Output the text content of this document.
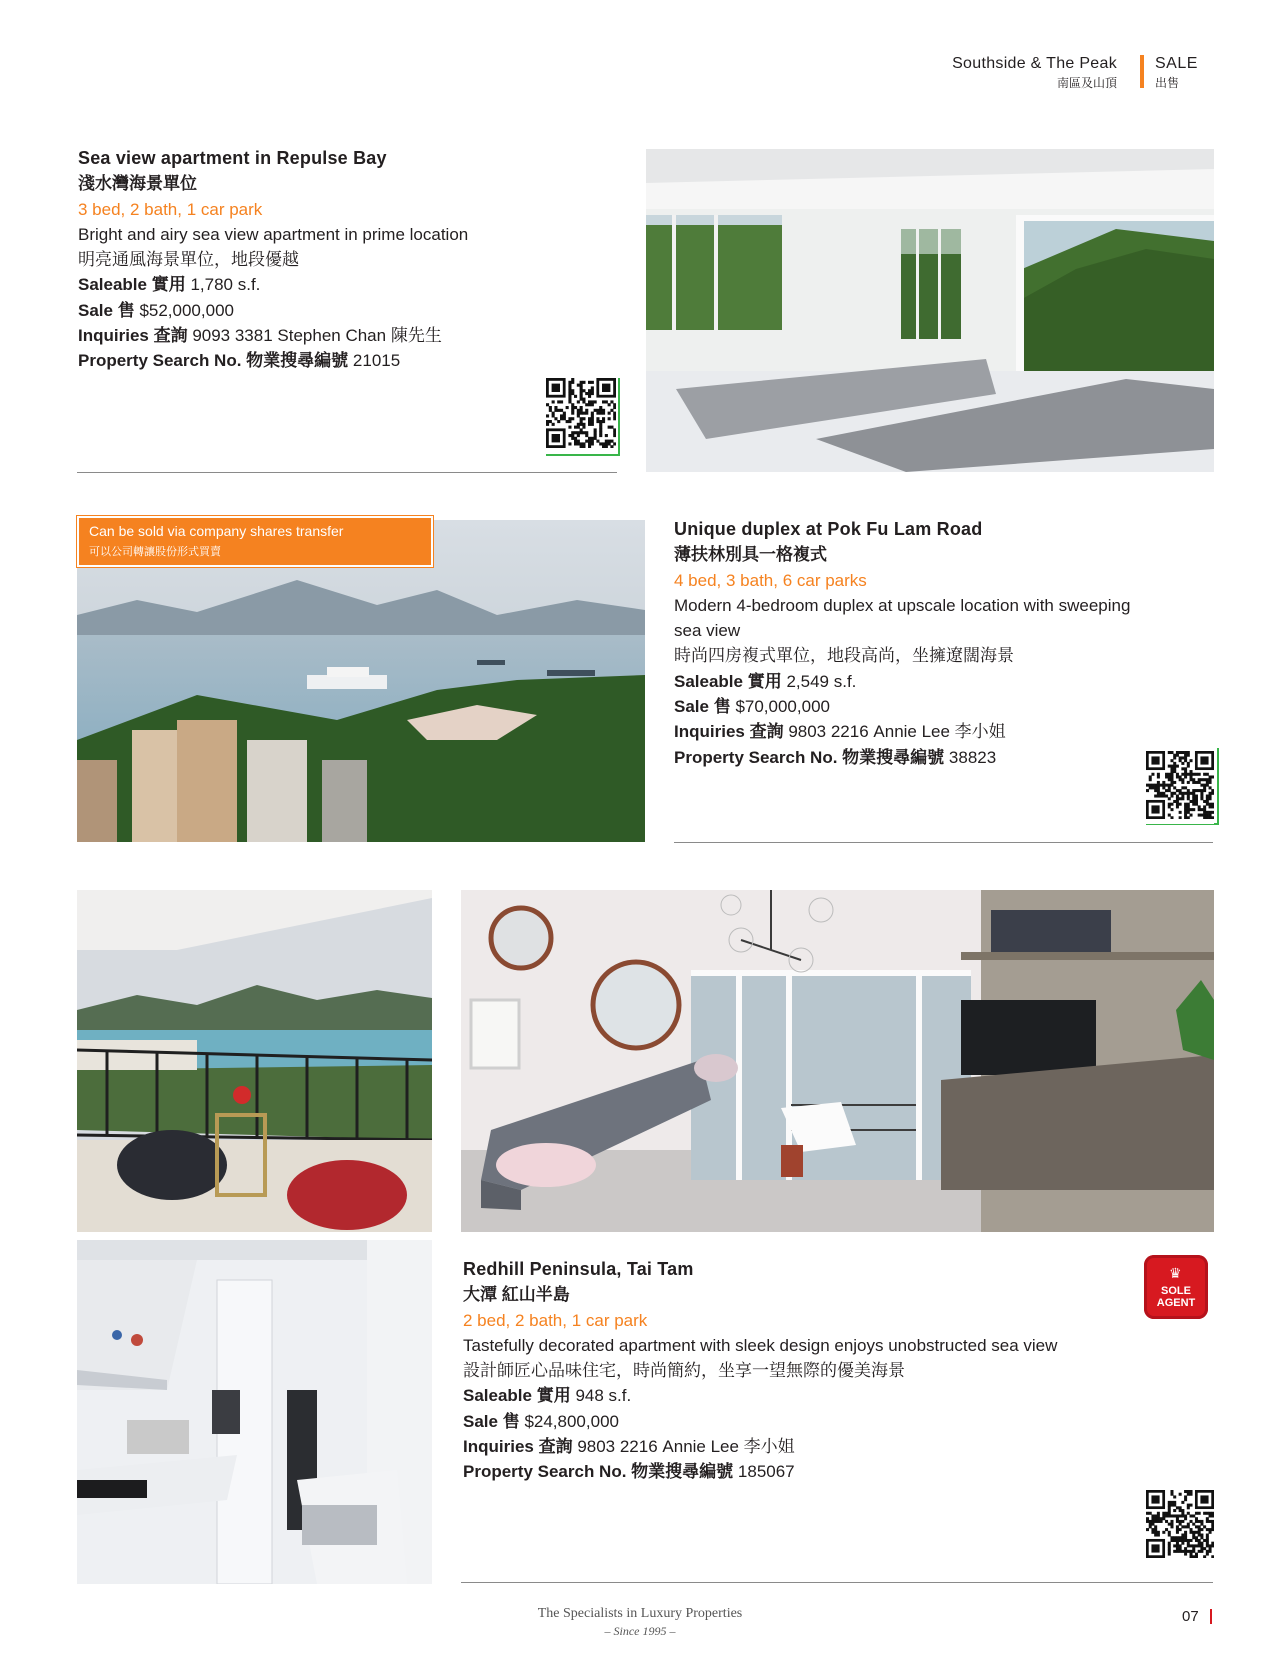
Southside & The Peak
南區及山頂
SALE
出售
Sea view apartment in Repulse Bay
淺水灣海景單位
3 bed, 2 bath, 1 car park
Bright and airy sea view apartment in prime location
明亮通風海景單位，地段優越
Saleable 實用 1,780 s.f.
Sale 售 $52,000,000
Inquiries 查詢 9093 3381 Stephen Chan 陳先生
Property Search No. 物業搜尋編號 21015
Can be sold via company shares transfer
可以公司轉讓股份形式買賣
Unique duplex at Pok Fu Lam Road
薄扶林別具一格複式
4 bed, 3 bath, 6 car parks
Modern 4-bedroom duplex at upscale location with sweeping
sea view
時尚四房複式單位，地段高尚，坐擁遼闊海景
Saleable 實用 2,549 s.f.
Sale 售 $70,000,000
Inquiries 查詢 9803 2216 Annie Lee 李小姐
Property Search No. 物業搜尋編號 38823
Redhill Peninsula, Tai Tam
大潭 紅山半島
2 bed, 2 bath, 1 car park
Tastefully decorated apartment with sleek design enjoys unobstructed sea view
設計師匠心品味住宅，時尚簡約，坐享一望無際的優美海景
Saleable 實用 948 s.f.
Sale 售 $24,800,000
Inquiries 查詢 9803 2216 Annie Lee 李小姐
Property Search No. 物業搜尋編號 185067
♛
SOLE
AGENT
The Specialists in Luxury Properties
– Since 1995 –
07
